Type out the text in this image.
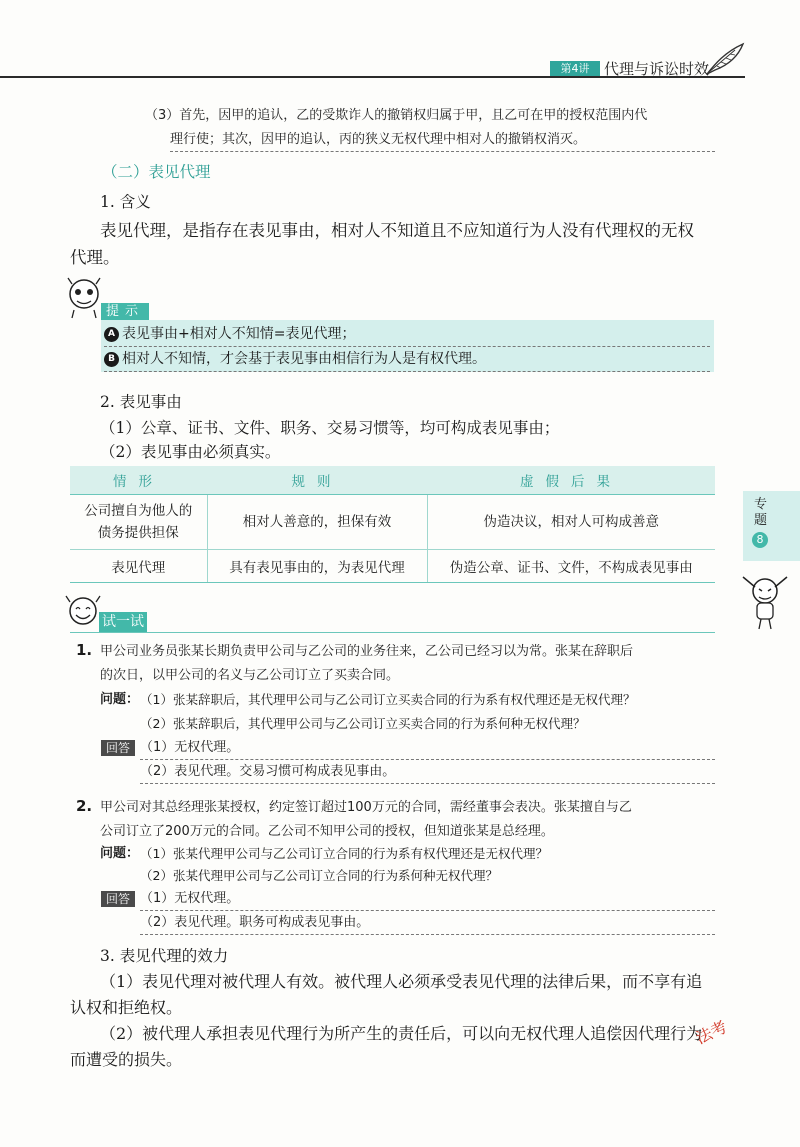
第4讲 代理与诉讼时效
（3）首先，因甲的追认，乙的受欺诈人的撤销权归属于甲，且乙可在甲的授权范围内代
理行使；其次，因甲的追认，丙的狭义无权代理中相对人的撤销权消灭。
（二）表见代理
1. 含义
表见代理，是指存在表见事由，相对人不知道且不应知道行为人没有代理权的无权
代理。
提示
A 表见事由+相对人不知情=表见代理；
B 相对人不知情，才会基于表见事由相信行为人是有权代理。
2. 表见事由
（1）公章、证书、文件、职务、交易习惯等，均可构成表见事由；
（2）表见事由必须真实。
情形	规则	虚假后果
公司擅自为他人的债务提供担保	相对人善意的，担保有效	伪造决议，相对人可构成善意
表见代理	具有表见事由的，为表见代理	伪造公章、证书、文件，不构成表见事由
专题
8
试一试
1. 甲公司业务员张某长期负责甲公司与乙公司的业务往来，乙公司已经习以为常。张某在辞职后
的次日，以甲公司的名义与乙公司订立了买卖合同。
问题： （1）张某辞职后，其代理甲公司与乙公司订立买卖合同的行为系有权代理还是无权代理？
（2）张某辞职后，其代理甲公司与乙公司订立买卖合同的行为系何种无权代理？
回答 （1）无权代理。
（2）表见代理。交易习惯可构成表见事由。
2. 甲公司对其总经理张某授权，约定签订超过100万元的合同，需经董事会表决。张某擅自与乙
公司订立了200万元的合同。乙公司不知甲公司的授权，但知道张某是总经理。
问题： （1）张某代理甲公司与乙公司订立合同的行为系有权代理还是无权代理？
（2）张某代理甲公司与乙公司订立合同的行为系何种无权代理？
回答 （1）无权代理。
（2）表见代理。职务可构成表见事由。
3. 表见代理的效力
（1）表见代理对被代理人有效。被代理人必须承受表见代理的法律后果，而不享有追
认权和拒绝权。
（2）被代理人承担表见代理行为所产生的责任后，可以向无权代理人追偿因代理行为
而遭受的损失。
法考
